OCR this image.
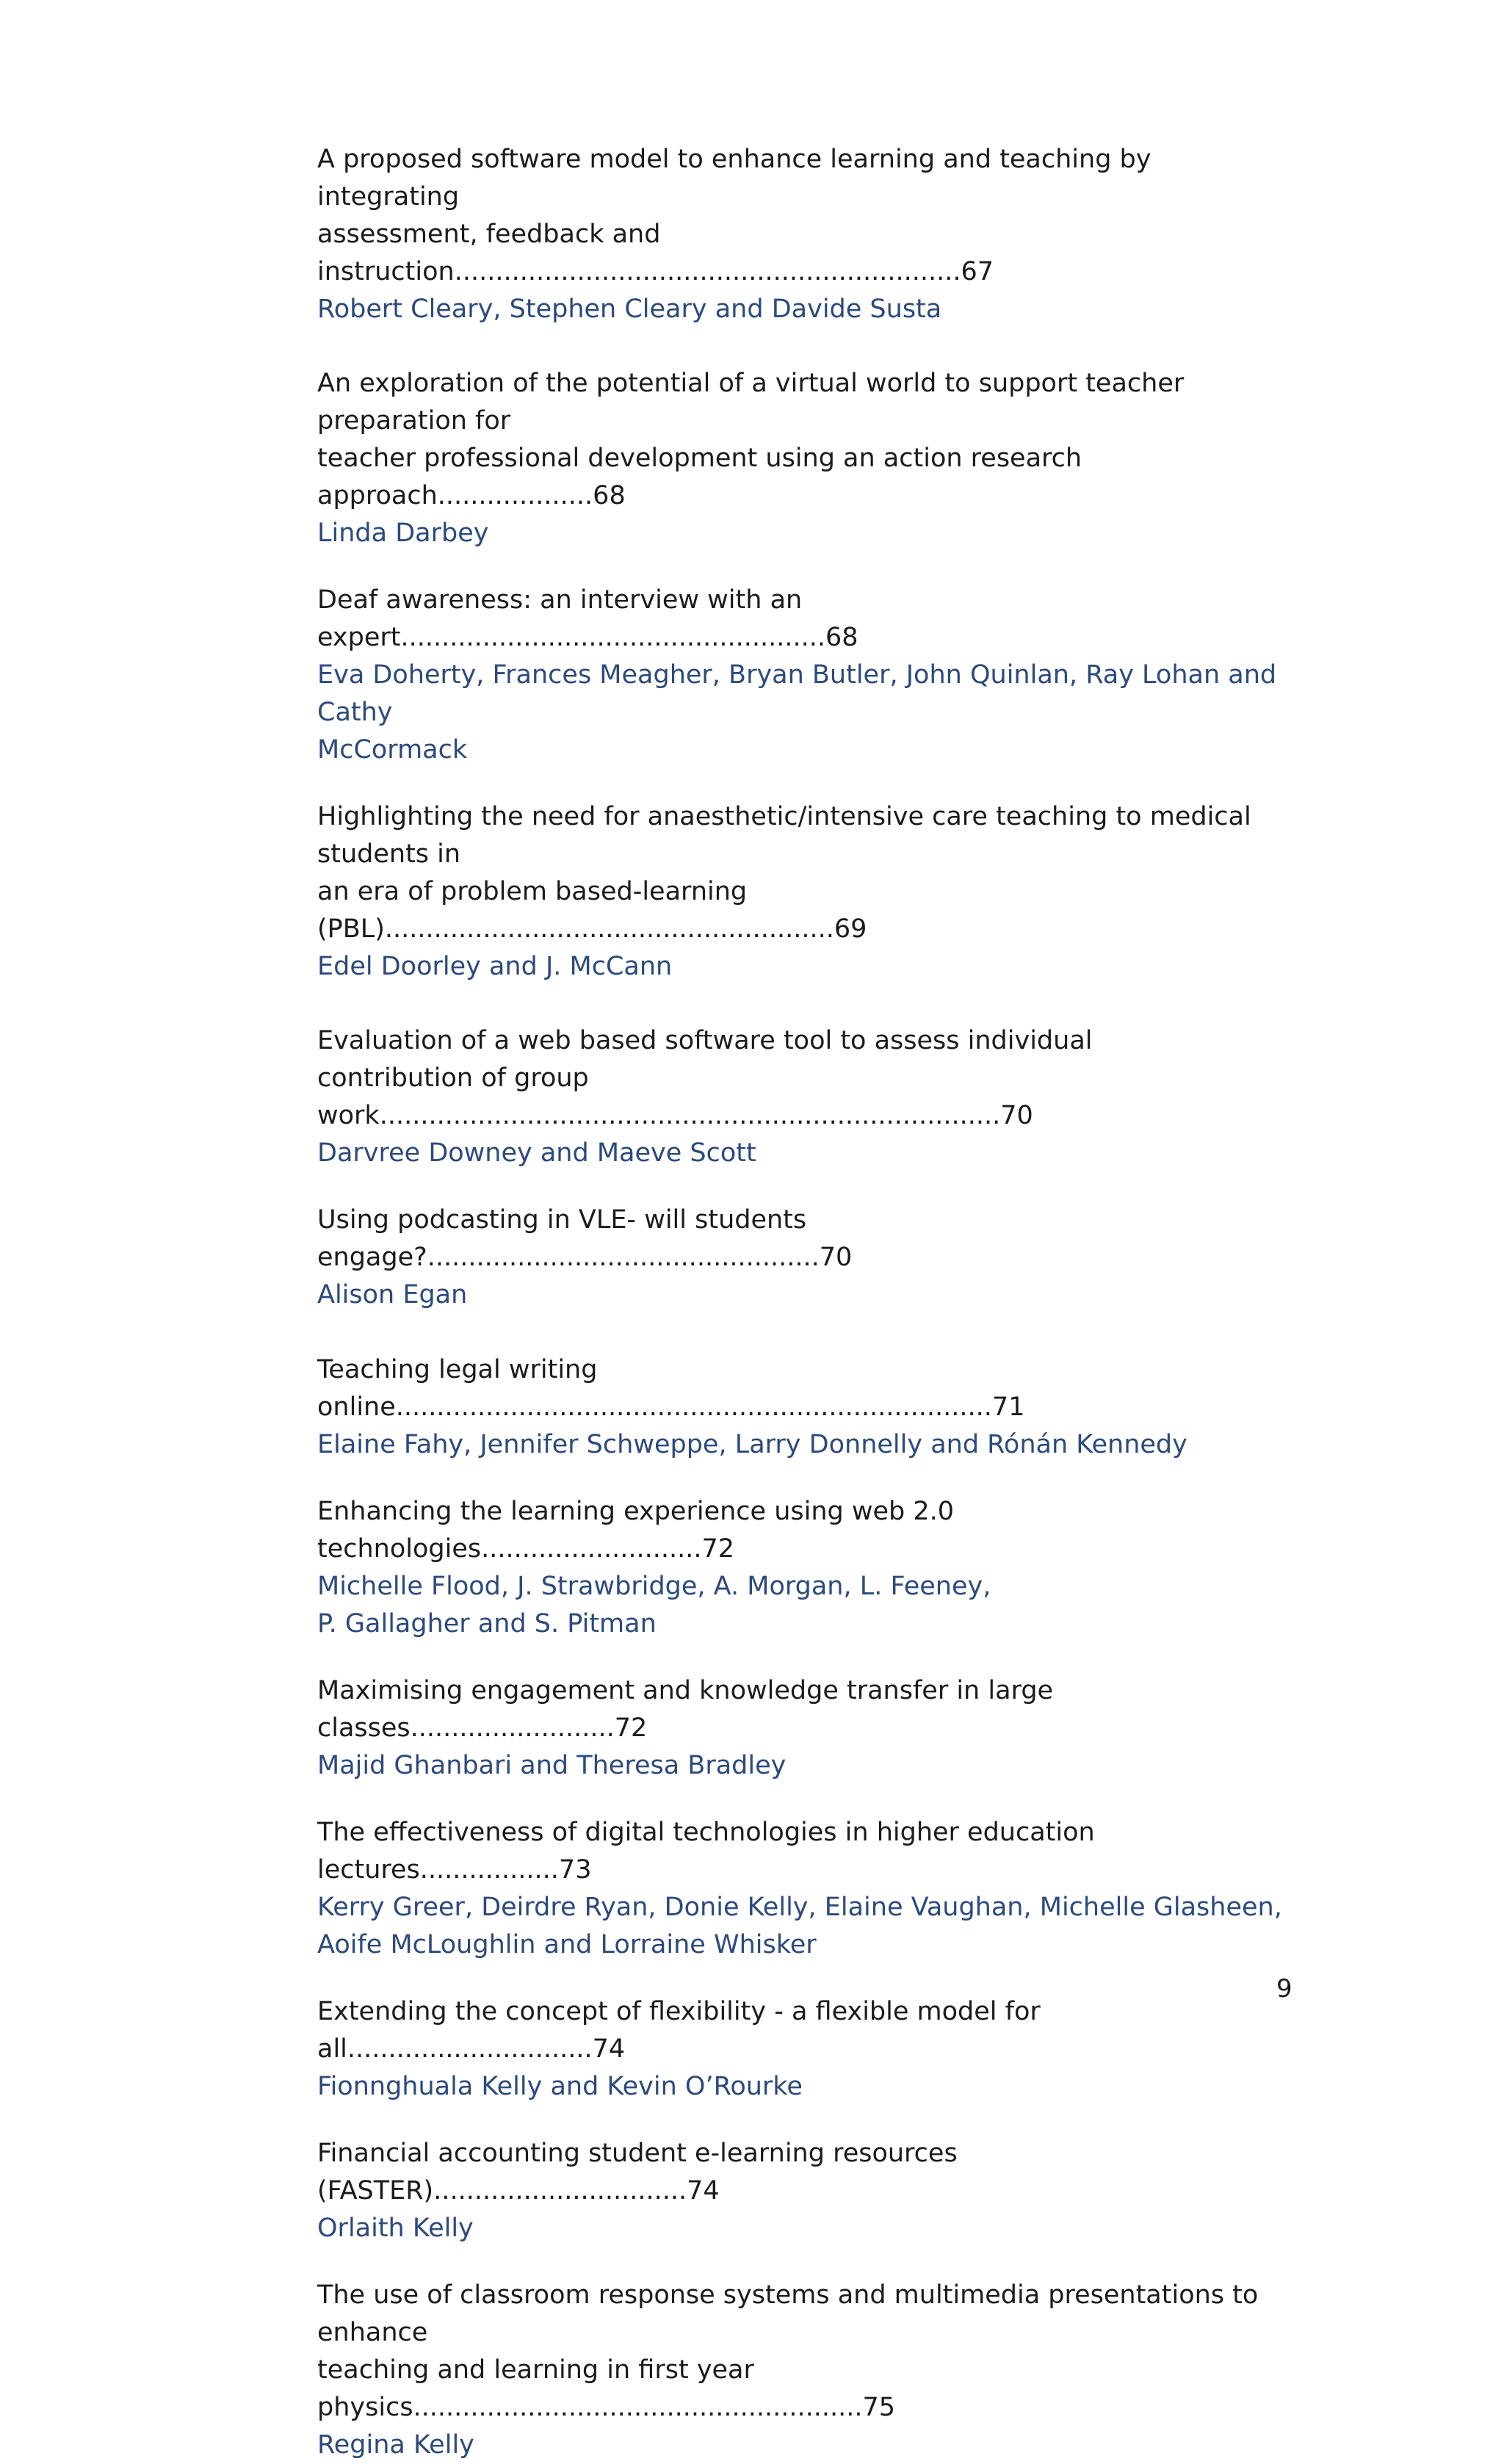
A proposed software model to enhance learning and teaching by integrating
assessment, feedback and instruction..............................................................67
Robert Cleary, Stephen Cleary and Davide Susta
An exploration of the potential of a virtual world to support teacher preparation for
teacher professional development using an action research approach...................68
Linda Darbey
Deaf awareness: an interview with an expert....................................................68
Eva Doherty, Frances Meagher, Bryan Butler, John Quinlan, Ray Lohan and Cathy
McCormack
Highlighting the need for anaesthetic/intensive care teaching to medical students in
an era of problem based-learning (PBL).......................................................69
Edel Doorley and J. McCann
Evaluation of a web based software tool to assess individual
contribution of group work............................................................................70
Darvree Downey and Maeve Scott
Using podcasting in VLE- will students engage?................................................70
Alison Egan
Teaching legal writing online.........................................................................71
Elaine Fahy, Jennifer Schweppe, Larry Donnelly and Rónán Kennedy
Enhancing the learning experience using web 2.0 technologies...........................72
Michelle Flood, J. Strawbridge, A. Morgan, L. Feeney,
P. Gallagher and S. Pitman
Maximising engagement and knowledge transfer in large classes.........................72
Majid Ghanbari and Theresa Bradley
The effectiveness of digital technologies in higher education lectures.................73
Kerry Greer, Deirdre Ryan, Donie Kelly, Elaine Vaughan, Michelle Glasheen,
Aoife McLoughlin and Lorraine Whisker
Extending the concept of flexibility - a flexible model for all..............................74
Fionnghuala Kelly and Kevin O’Rourke
Financial accounting student e-learning resources (FASTER)...............................74
Orlaith Kelly
The use of classroom response systems and multimedia presentations to enhance
teaching and learning in first year physics.......................................................75
Regina Kelly
9
